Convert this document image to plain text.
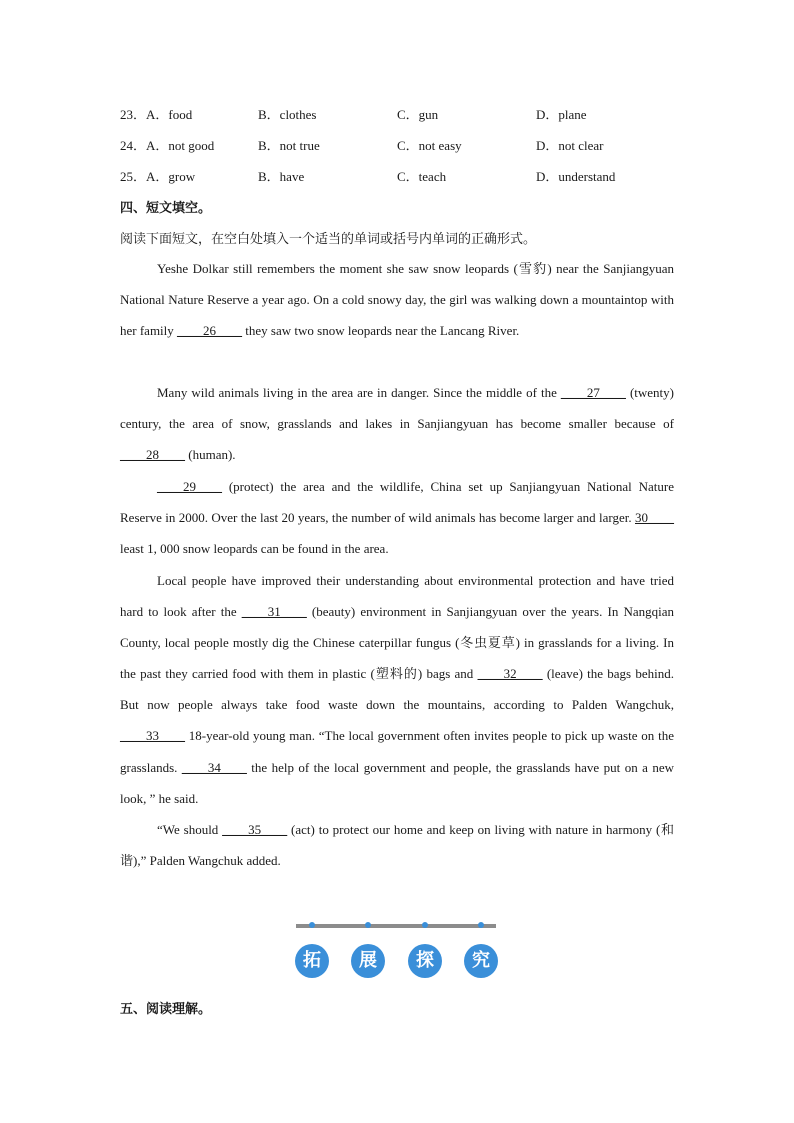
23．A．food	B．clothes	C．gun	D．plane
24．A．not good	B．not true	C．not easy	D．not clear
25．A．grow	B．have	C．teach	D．understand
四、短文填空。
阅读下面短文，在空白处填入一个适当的单词或括号内单词的正确形式。
Yeshe Dolkar still remembers the moment she saw snow leopards (雪豹) near the Sanjiangyuan National Nature Reserve a year ago. On a cold snowy day, the girl was walking down a mountaintop with her family ____26____ they saw two snow leopards near the Lancang River.
Many wild animals living in the area are in danger. Since the middle of the ____27____ (twenty) century, the area of snow, grasslands and lakes in Sanjiangyuan has become smaller because of ____28____ (human).
____29____ (protect) the area and the wildlife, China set up Sanjiangyuan National Nature Reserve in 2000. Over the last 20 years, the number of wild animals has become larger and larger. 30____ least 1, 000 snow leopards can be found in the area.
Local people have improved their understanding about environmental protection and have tried hard to look after the ____31____ (beauty) environment in Sanjiangyuan over the years. In Nangqian County, local people mostly dig the Chinese caterpillar fungus (冬虫夏草) in grasslands for a living. In the past they carried food with them in plastic (塑料的) bags and ____32____ (leave) the bags behind. But now people always take food waste down the mountains, according to Palden Wangchuk, ____33____ 18-year-old young man. “The local government often invites people to pick up waste on the grasslands. ____34____ the help of the local government and people, the grasslands have put on a new look, ” he said.
“We should ____35____ (act) to protect our home and keep on living with nature in harmony (和谐),” Palden Wangchuk added.
拓	展	探	究
五、阅读理解。
